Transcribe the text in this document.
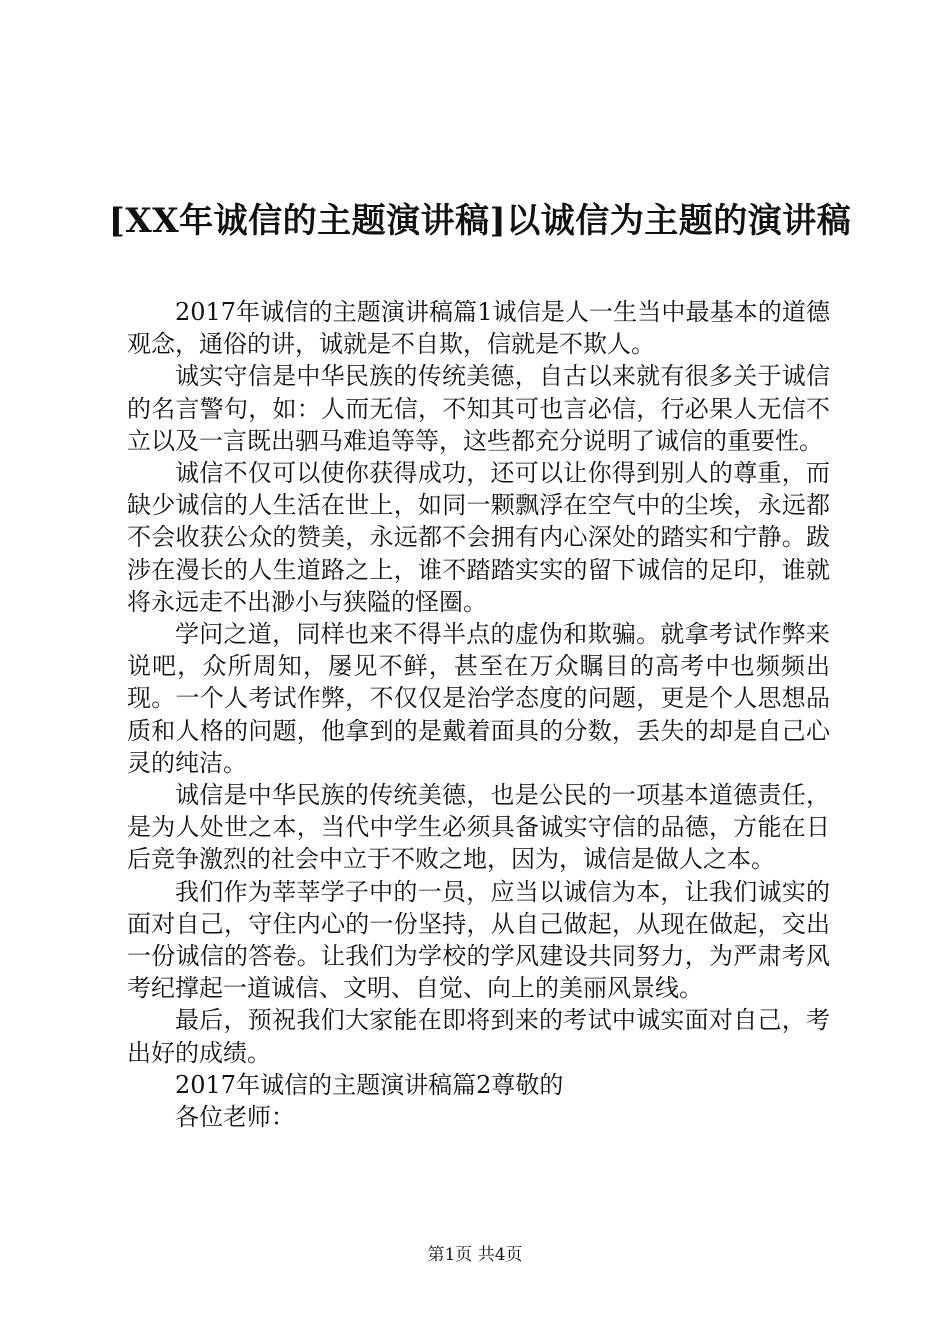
[XX年诚信的主题演讲稿]以诚信为主题的演讲稿

2017年诚信的主题演讲稿篇1诚信是人一生当中最基本的道德观念，通俗的讲，诚就是不自欺，信就是不欺人。

诚实守信是中华民族的传统美德，自古以来就有很多关于诚信的名言警句，如：人而无信，不知其可也言必信，行必果人无信不立以及一言既出驷马难追等等，这些都充分说明了诚信的重要性。

诚信不仅可以使你获得成功，还可以让你得到别人的尊重，而缺少诚信的人生活在世上，如同一颗飘浮在空气中的尘埃，永远都不会收获公众的赞美，永远都不会拥有内心深处的踏实和宁静。跋涉在漫长的人生道路之上，谁不踏踏实实的留下诚信的足印，谁就将永远走不出渺小与狭隘的怪圈。

学问之道，同样也来不得半点的虚伪和欺骗。就拿考试作弊来说吧，众所周知，屡见不鲜，甚至在万众瞩目的高考中也频频出现。一个人考试作弊，不仅仅是治学态度的问题，更是个人思想品质和人格的问题，他拿到的是戴着面具的分数，丢失的却是自己心灵的纯洁。

诚信是中华民族的传统美德，也是公民的一项基本道德责任，是为人处世之本，当代中学生必须具备诚实守信的品德，方能在日后竞争激烈的社会中立于不败之地，因为，诚信是做人之本。

我们作为莘莘学子中的一员，应当以诚信为本，让我们诚实的面对自己，守住内心的一份坚持，从自己做起，从现在做起，交出一份诚信的答卷。让我们为学校的学风建设共同努力，为严肃考风考纪撑起一道诚信、文明、自觉、向上的美丽风景线。

最后，预祝我们大家能在即将到来的考试中诚实面对自己，考出好的成绩。

2017年诚信的主题演讲稿篇2尊敬的

各位老师：

第1页 共4页
